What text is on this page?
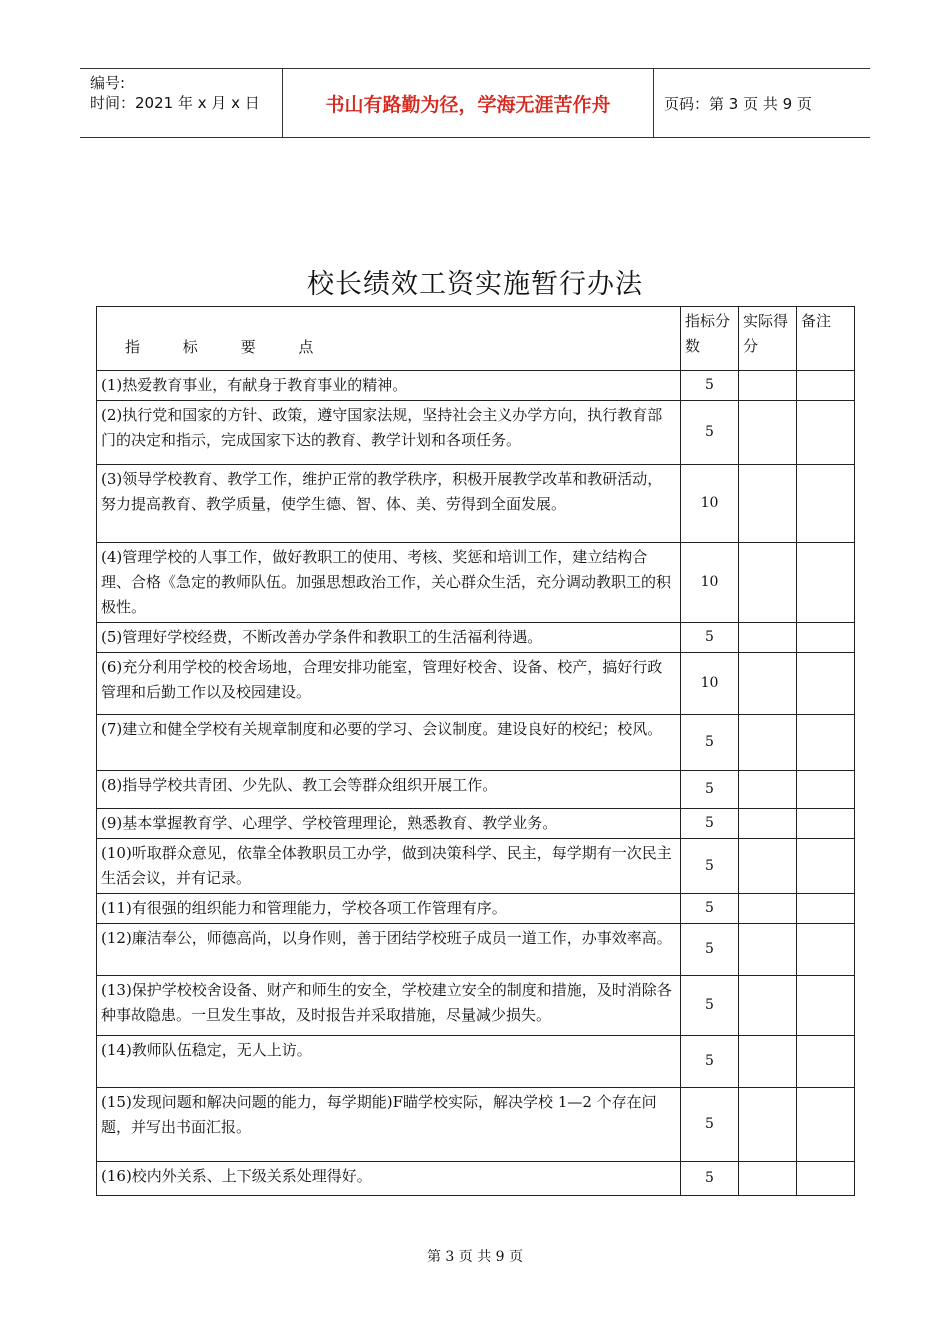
编号:
时间：2021 年 x 月 x 日	书山有路勤为径，学海无涯苦作舟	页码：第 3 页 共 9 页
校长绩效工资实施暂行办法
指 标 要 点	指标分数	实际得分	备注
(1)热爱教育事业，有献身于教育事业的精神。	5		
(2)执行党和国家的方针、政策，遵守国家法规，坚持社会主义办学方向，执行教育部门的决定和指示，完成国家下达的教育、教学计划和各项任务。	5		
(3)领导学校教育、教学工作，维护正常的教学秩序，积极开展教学改革和教研活动，努力提高教育、教学质量，使学生德、智、体、美、劳得到全面发展。	10		
(4)管理学校的人事工作，做好教职工的使用、考核、奖惩和培训工作，建立结构合理、合格《急定的教师队伍。加强思想政治工作，关心群众生活，充分调动教职工的积极性。	10		
(5)管理好学校经费，不断改善办学条件和教职工的生活福利待遇。	5		
(6)充分利用学校的校舍场地，合理安排功能室，管理好校舍、设备、校产，搞好行政管理和后勤工作以及校园建设。	10		
(7)建立和健全学校有关规章制度和必要的学习、会议制度。建设良好的校纪；校风。	5		
(8)指导学校共青团、少先队、教工会等群众组织开展工作。	5		
(9)基本掌握教育学、心理学、学校管理理论，熟悉教育、教学业务。	5		
(10)听取群众意见，依靠全体教职员工办学，做到决策科学、民主，每学期有一次民主生活会议，并有记录。	5		
(11)有很强的组织能力和管理能力，学校各项工作管理有序。	5		
(12)廉洁奉公，师德高尚，以身作则，善于团结学校班子成员一道工作，办事效率高。	5		
(13)保护学校校舍设备、财产和师生的安全，学校建立安全的制度和措施，及时消除各种事故隐患。一旦发生事故，及时报告并采取措施，尽量减少损失。	5		
(14)教师队伍稳定，无人上访。	5		
(15)发现问题和解决问题的能力，每学期能)F瞄学校实际，解决学校 1—2 个存在问题，并写出书面汇报。	5		
(16)校内外关系、上下级关系处理得好。	5		
第 3 页 共 9 页
